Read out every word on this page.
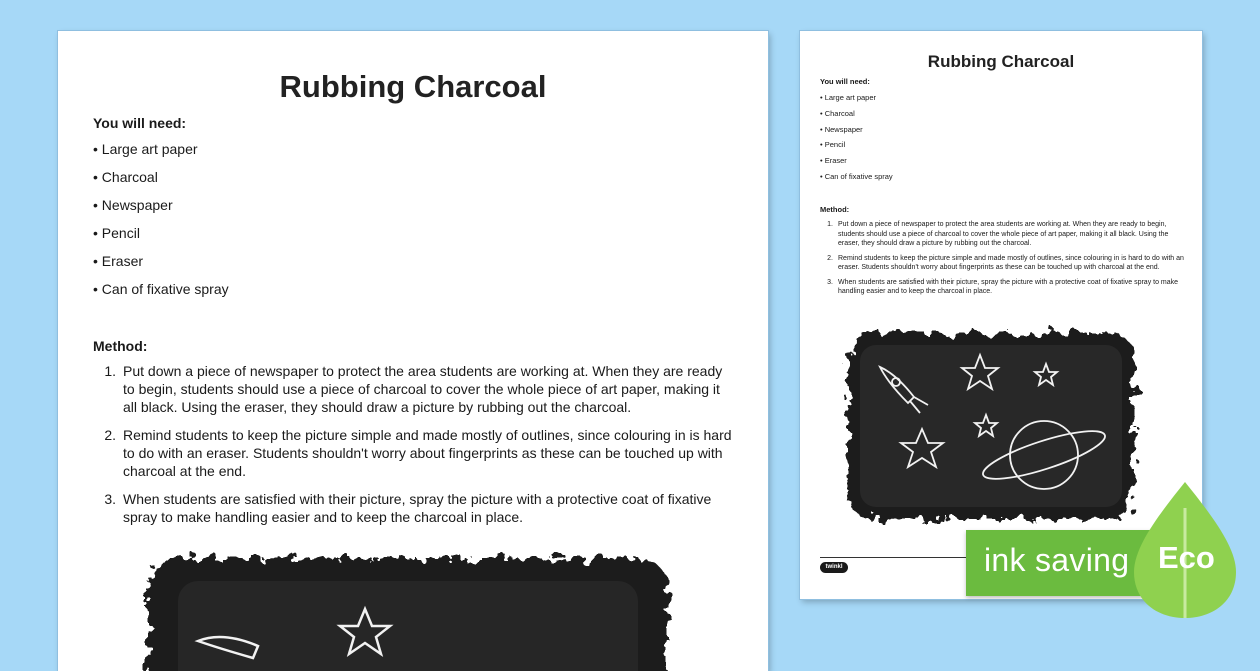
Rubbing Charcoal
You will need:
• Large art paper
• Charcoal
• Newspaper
• Pencil
• Eraser
• Can of fixative spray
Method:
1. Put down a piece of newspaper to protect the area students are working at. When they are ready to begin, students should use a piece of charcoal to cover the whole piece of art paper, making it all black. Using the eraser, they should draw a picture by rubbing out the charcoal.
2. Remind students to keep the picture simple and made mostly of outlines, since colouring in is hard to do with an eraser. Students shouldn't worry about fingerprints as these can be touched up with charcoal at the end.
3. When students are satisfied with their picture, spray the picture with a protective coat of fixative spray to make handling easier and to keep the charcoal in place.
Rubbing Charcoal
You will need:
• Large art paper
• Charcoal
• Newspaper
• Pencil
• Eraser
• Can of fixative spray
Method:
1. Put down a piece of newspaper to protect the area students are working at. When they are ready to begin, students should use a piece of charcoal to cover the whole piece of art paper, making it all black. Using the eraser, they should draw a picture by rubbing out the charcoal.
2. Remind students to keep the picture simple and made mostly of outlines, since colouring in is hard to do with an eraser. Students shouldn't worry about fingerprints as these can be touched up with charcoal at the end.
3. When students are satisfied with their picture, spray the picture with a protective coat of fixative spray to make handling easier and to keep the charcoal in place.
twinkl	ink saving Eco
